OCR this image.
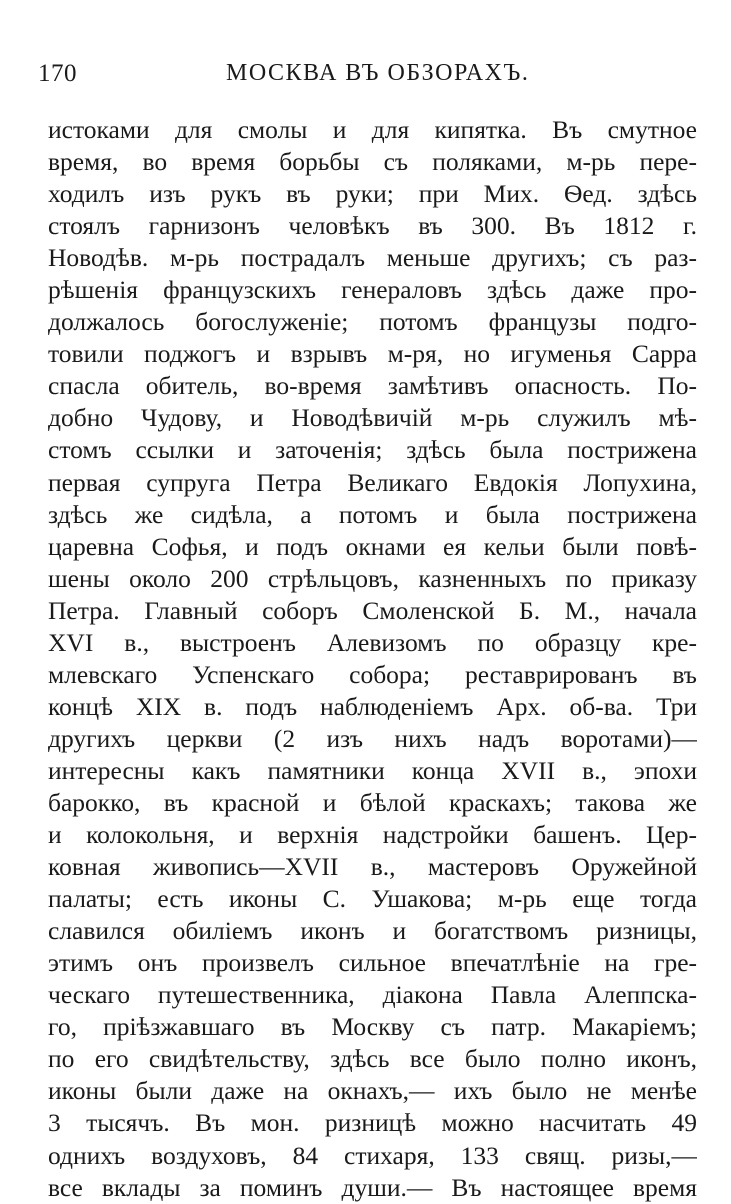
170	МОСКВА ВЪ ОБЗОРАХЪ.
истоками для смолы и для кипятка. Въ смутное
время, во время борьбы съ поляками, м-рь пере-
ходилъ изъ рукъ въ руки; при Мих. Ѳед. здѣсь
стоялъ гарнизонъ человѣкъ въ 300. Въ 1812 г.
Новодѣв. м-рь пострадалъ меньше другихъ; съ раз-
рѣшенія французскихъ генераловъ здѣсь даже про-
должалось богослуженіе; потомъ французы подго-
товили поджогъ и взрывъ м-ря, но игуменья Сарра
спасла обитель, во-время замѣтивъ опасность. По-
добно Чудову, и Новодѣвичій м-рь служилъ мѣ-
стомъ ссылки и заточенія; здѣсь была пострижена
первая супруга Петра Великаго Евдокія Лопухина,
здѣсь же сидѣла, а потомъ и была пострижена
царевна Софья, и подъ окнами ея кельи были повѣ-
шены около 200 стрѣльцовъ, казненныхъ по приказу
Петра. Главный соборъ Смоленской Б. М., начала
XVI в., выстроенъ Алевизомъ по образцу кре-
млевскаго Успенскаго собора; реставрированъ въ
концѣ XIX в. подъ наблюденіемъ Арх. об-ва. Три
другихъ церкви (2 изъ нихъ надъ воротами)—
интересны какъ памятники конца XVII в., эпохи
барокко, въ красной и бѣлой краскахъ; такова же
и колокольня, и верхнія надстройки башенъ. Цер-
ковная живопись—XVII в., мастеровъ Оружейной
палаты; есть иконы С. Ушакова; м-рь еще тогда
славился обиліемъ иконъ и богатствомъ ризницы,
этимъ онъ произвелъ сильное впечатлѣніе на гре-
ческаго путешественника, діакона Павла Алеппска-
го, пріѣзжавшаго въ Москву съ патр. Макаріемъ;
по его свидѣтельству, здѣсь все было полно иконъ,
иконы были даже на окнахъ,— ихъ было не менѣе
3 тысячъ. Въ мон. ризницѣ можно насчитать 49
однихъ воздуховъ, 84 стихаря, 133 свящ. ризы,—
все вклады за поминъ души.— Въ настоящее время
